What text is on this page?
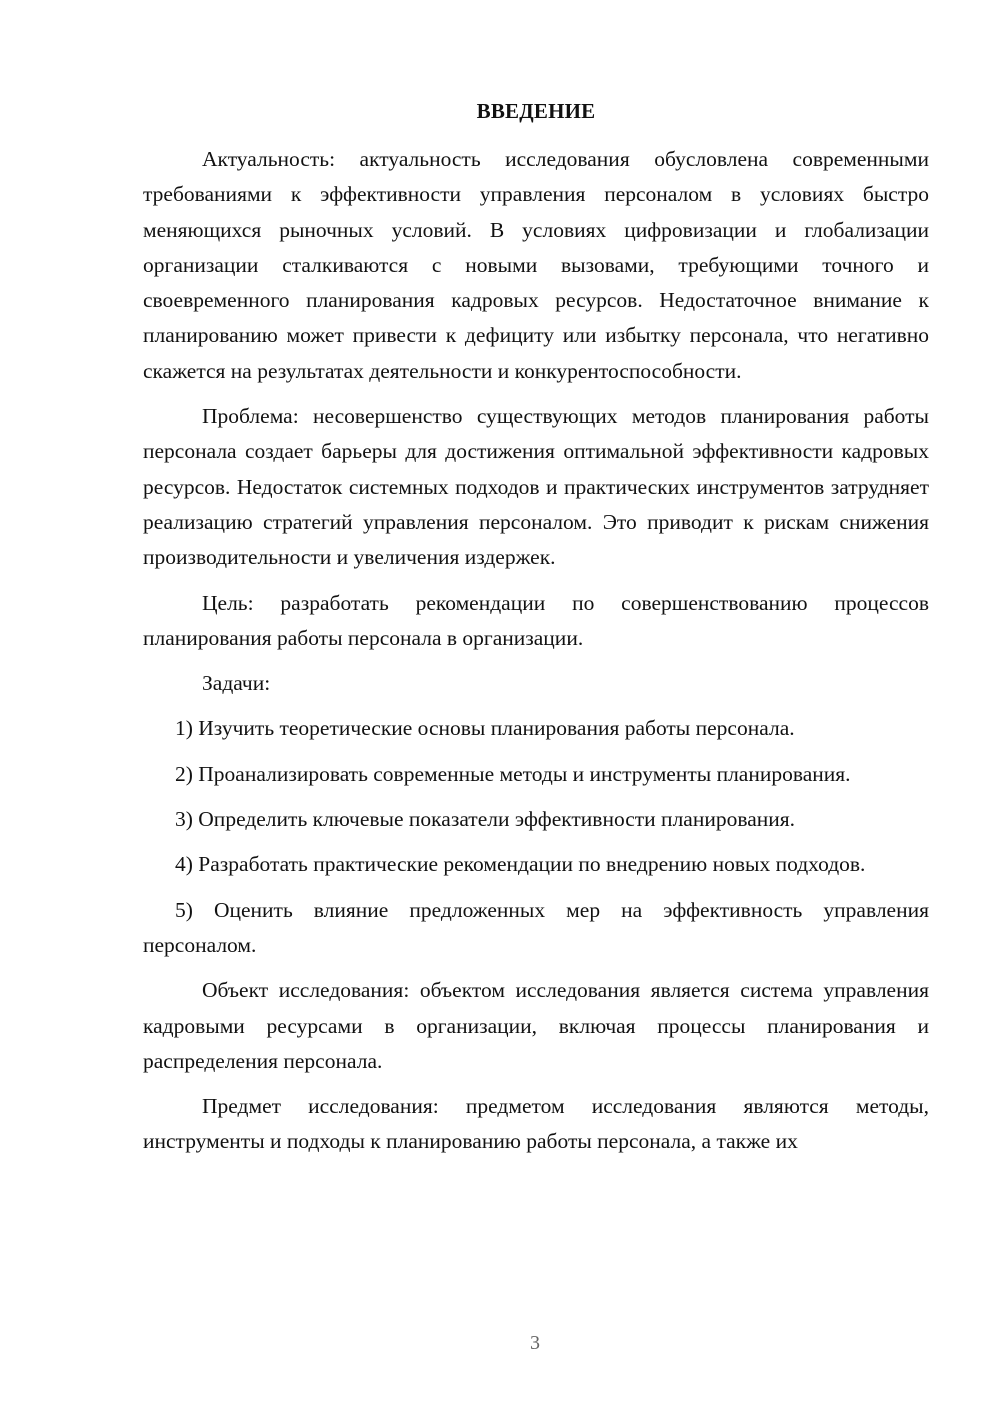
ВВЕДЕНИЕ

Актуальность: актуальность исследования обусловлена современными требованиями к эффективности управления персоналом в условиях быстро меняющихся рыночных условий. В условиях цифровизации и глобализации организации сталкиваются с новыми вызовами, требующими точного и своевременного планирования кадровых ресурсов. Недостаточное внимание к планированию может привести к дефициту или избытку персонала, что негативно скажется на результатах деятельности и конкурентоспособности.

Проблема: несовершенство существующих методов планирования работы персонала создает барьеры для достижения оптимальной эффективности кадровых ресурсов. Недостаток системных подходов и практических инструментов затрудняет реализацию стратегий управления персоналом. Это приводит к рискам снижения производительности и увеличения издержек.

Цель: разработать рекомендации по совершенствованию процессов планирования работы персонала в организации.

Задачи:

1) Изучить теоретические основы планирования работы персонала.

2) Проанализировать современные методы и инструменты планирования.

3) Определить ключевые показатели эффективности планирования.

4) Разработать практические рекомендации по внедрению новых подходов.

5) Оценить влияние предложенных мер на эффективность управления персоналом.

Объект исследования: объектом исследования является система управления кадровыми ресурсами в организации, включая процессы планирования и распределения персонала.

Предмет исследования: предметом исследования являются методы, инструменты и подходы к планированию работы персонала, а также их

3
